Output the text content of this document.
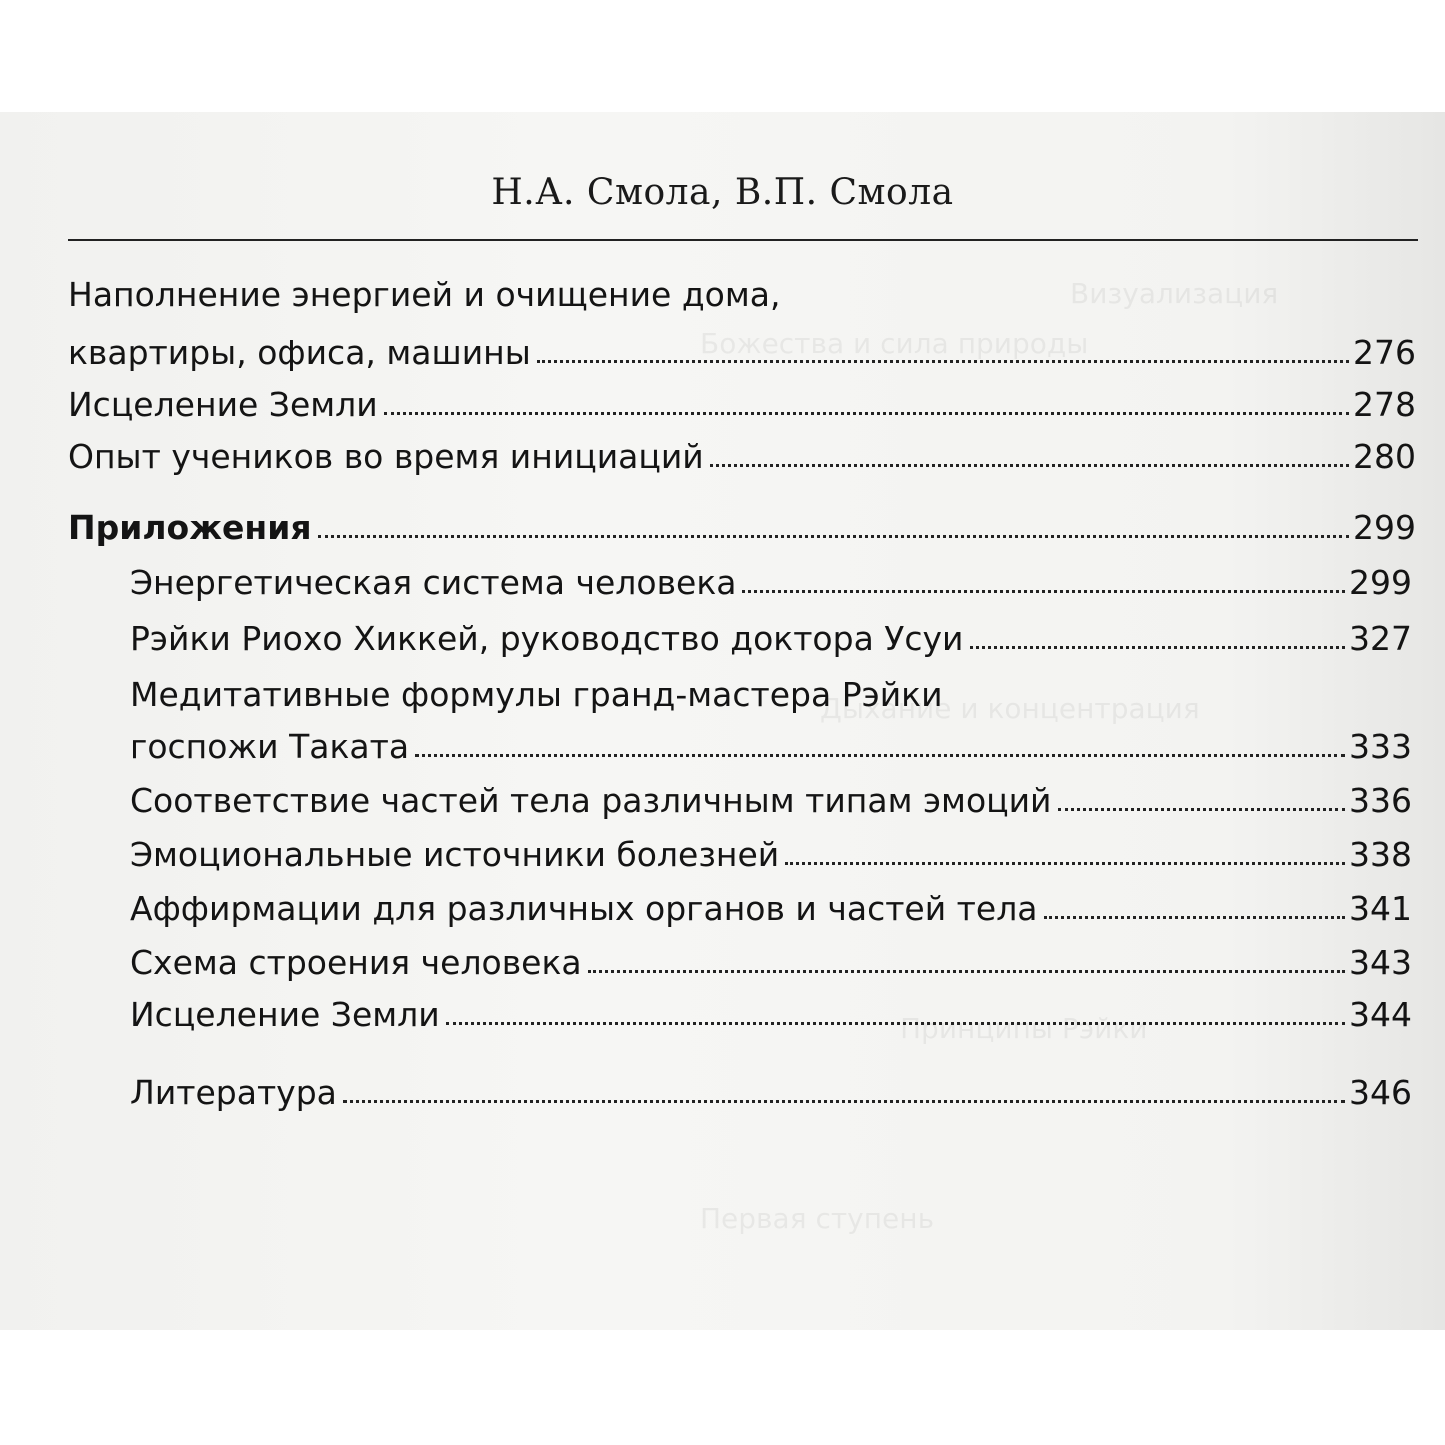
Визуализация
Божества и сила природы
Дыхание и концентрация
Принципы Рэйки
Первая ступень
Н.А. Смола, В.П. Смола
Наполнение энергией и очищение дома,
квартиры, офиса, машины	276
Исцеление Земли	278
Опыт учеников во время инициаций	280
Приложения	299
Энергетическая система человека	299
Рэйки Риохо Хиккей, руководство доктора Усуи	327
Медитативные формулы гранд-мастера Рэйки
госпожи Таката	333
Соответствие частей тела различным типам эмоций	336
Эмоциональные источники болезней	338
Аффирмации для различных органов и частей тела	341
Схема строения человека	343
Исцеление Земли	344
Литература	346
